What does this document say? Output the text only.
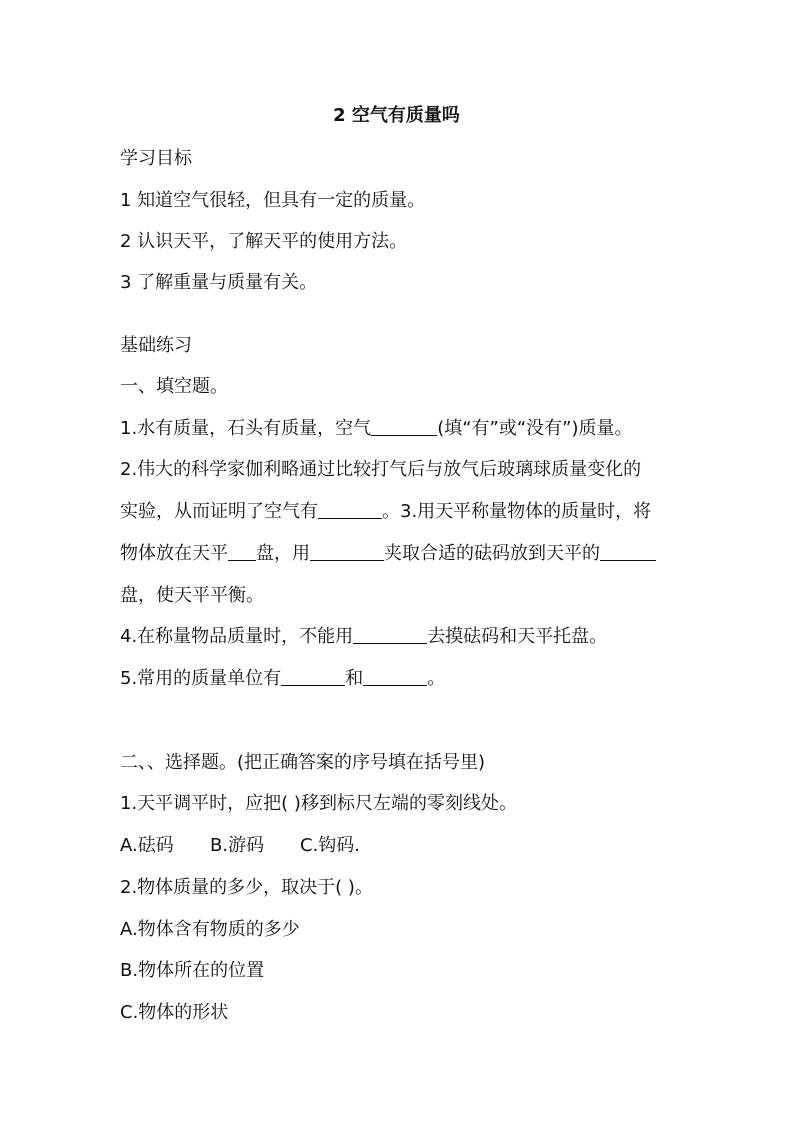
2 空气有质量吗

学习目标

1 知道空气很轻，但具有一定的质量。

2 认识天平，了解天平的使用方法。

3 了解重量与质量有关。

基础练习

一、填空题。

1.水有质量，石头有质量，空气	(填“有”或“没有”)质量。

2.伟大的科学家伽利略通过比较打气后与放气后玻璃球质量变化的

实验，从而证明了空气有	。3.用天平称量物体的质量时，将

物体放在天平 盘，用	夹取合适的砝码放到天平的

盘，使天平平衡。

4.在称量物品质量时，不能用	去摸砝码和天平托盘。

5.常用的质量单位有	和	。

二、、选择题。(把正确答案的序号填在括号里)

1.天平调平时，应把( )移到标尺左端的零刻线处。

A.砝码 B.游码 C.钩码.

2.物体质量的多少，取决于( )。

A.物体含有物质的多少

B.物体所在的位置

C.物体的形状
